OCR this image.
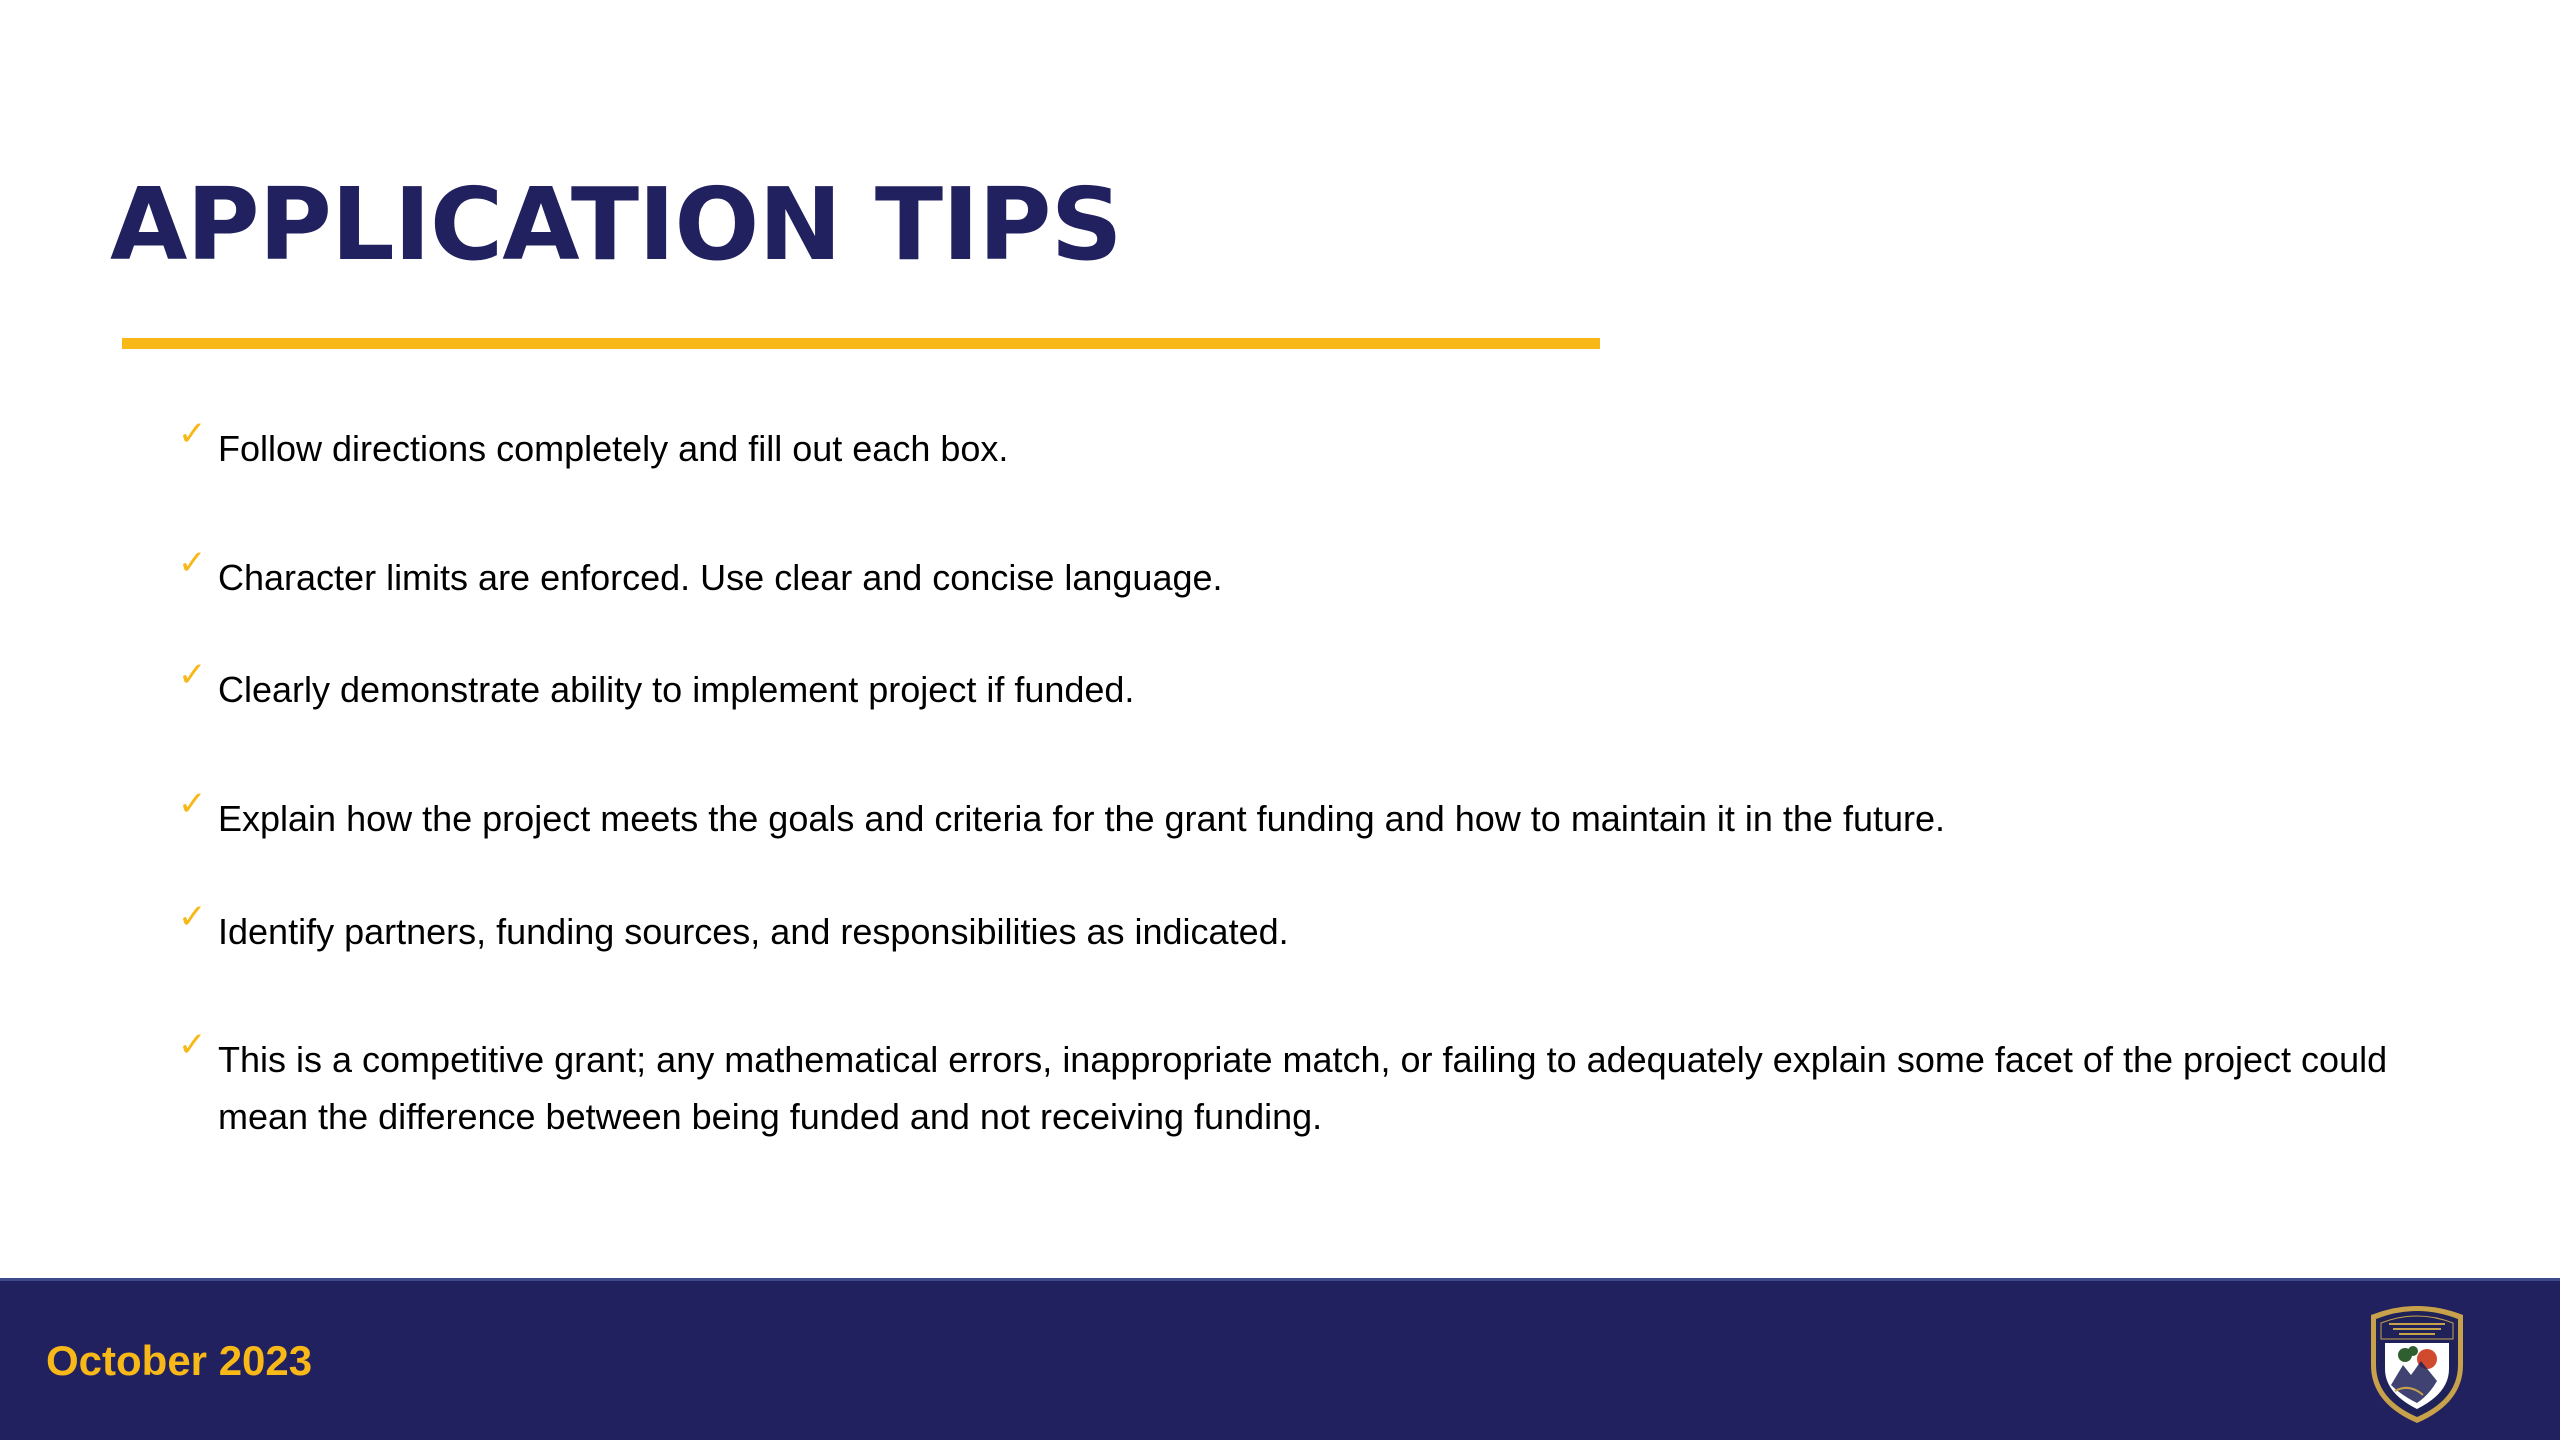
APPLICATION TIPS
✓ Follow directions completely and fill out each box.
✓ Character limits are enforced. Use clear and concise language.
✓ Clearly demonstrate ability to implement project if funded.
✓ Explain how the project meets the goals and criteria for the grant funding and how to maintain it in the future.
✓ Identify partners, funding sources, and responsibilities as indicated.
✓ This is a competitive grant; any mathematical errors, inappropriate match, or failing to adequately explain some facet of the project could mean the difference between being funded and not receiving funding.
October 2023
